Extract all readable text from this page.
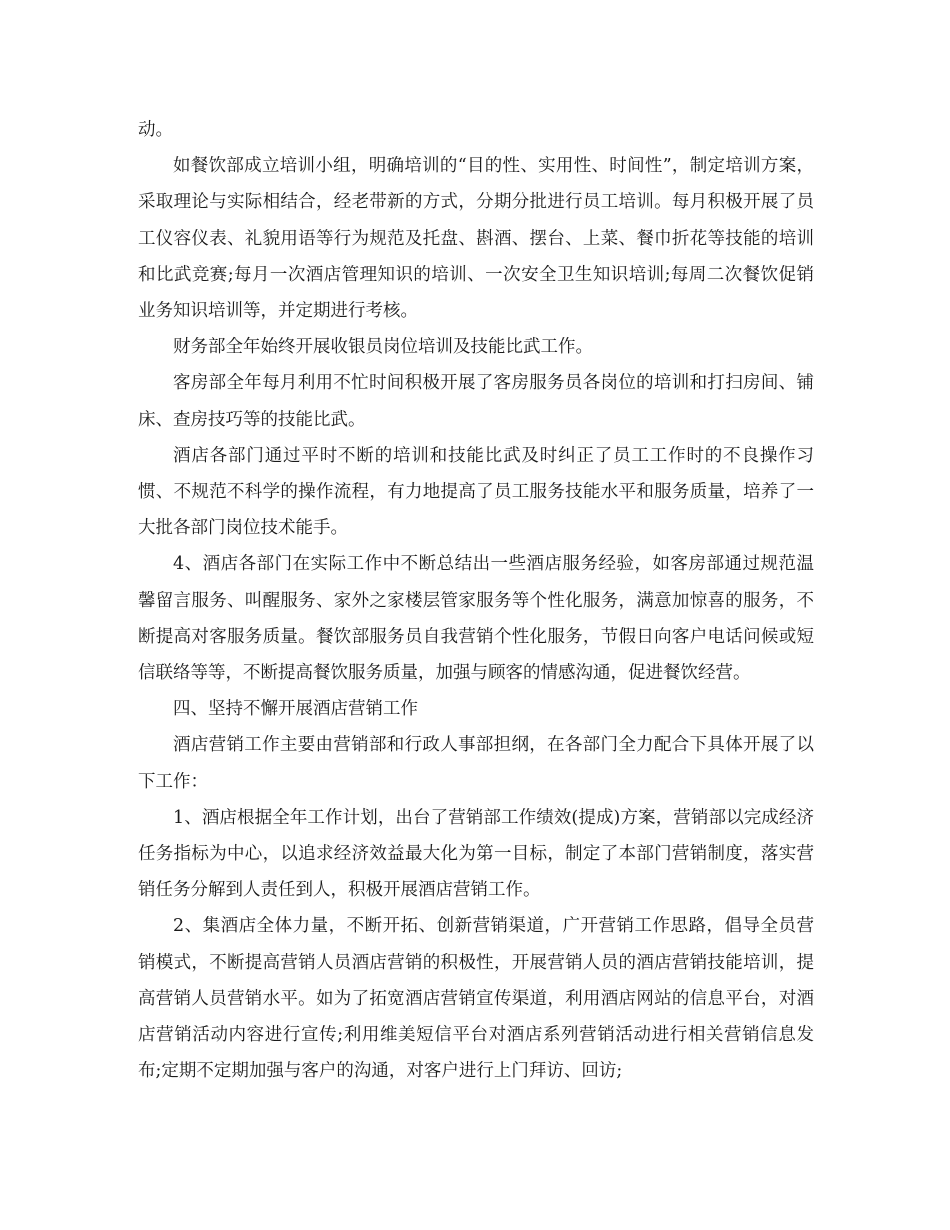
动。

如餐饮部成立培训小组，明确培训的“目的性、实用性、时间性”，制定培训方案，采取理论与实际相结合，经老带新的方式，分期分批进行员工培训。每月积极开展了员工仪容仪表、礼貌用语等行为规范及托盘、斟酒、摆台、上菜、餐巾折花等技能的培训和比武竞赛;每月一次酒店管理知识的培训、一次安全卫生知识培训;每周二次餐饮促销业务知识培训等，并定期进行考核。

财务部全年始终开展收银员岗位培训及技能比武工作。

客房部全年每月利用不忙时间积极开展了客房服务员各岗位的培训和打扫房间、铺床、查房技巧等的技能比武。

酒店各部门通过平时不断的培训和技能比武及时纠正了员工工作时的不良操作习惯、不规范不科学的操作流程，有力地提高了员工服务技能水平和服务质量，培养了一大批各部门岗位技术能手。

4、酒店各部门在实际工作中不断总结出一些酒店服务经验，如客房部通过规范温馨留言服务、叫醒服务、家外之家楼层管家服务等个性化服务，满意加惊喜的服务，不断提高对客服务质量。餐饮部服务员自我营销个性化服务，节假日向客户电话问候或短信联络等等，不断提高餐饮服务质量，加强与顾客的情感沟通，促进餐饮经营。

四、坚持不懈开展酒店营销工作

酒店营销工作主要由营销部和行政人事部担纲，在各部门全力配合下具体开展了以下工作：

1、酒店根据全年工作计划，出台了营销部工作绩效(提成)方案，营销部以完成经济任务指标为中心，以追求经济效益最大化为第一目标，制定了本部门营销制度，落实营销任务分解到人责任到人，积极开展酒店营销工作。

2、集酒店全体力量，不断开拓、创新营销渠道，广开营销工作思路，倡导全员营销模式，不断提高营销人员酒店营销的积极性，开展营销人员的酒店营销技能培训，提高营销人员营销水平。如为了拓宽酒店营销宣传渠道，利用酒店网站的信息平台，对酒店营销活动内容进行宣传;利用维美短信平台对酒店系列营销活动进行相关营销信息发布;定期不定期加强与客户的沟通，对客户进行上门拜访、回访;
